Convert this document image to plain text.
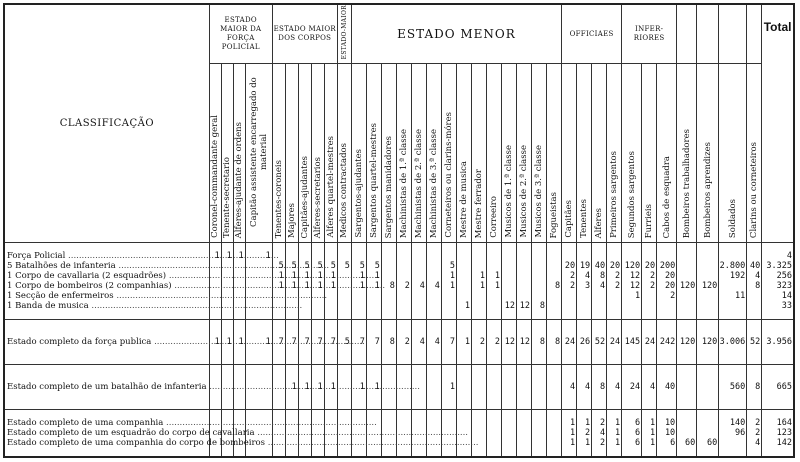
CLASSIFICAÇÃO	ESTADO MAIOR DA FORÇA POLICIAL				ESTADO MAIOR DOS CORPOS					ESTADO-MAIOR	ESTADO MENOR														OFFICIAES				INFER-RIORES							Total

	Coronel-commandante geral	Tenente-secretario	Alferes-ajudante de ordens	Capitão assistente encarregado do material	Tenentes-coroneis	Majores	Capitães-ajudantes	Alferes-secretarios	Alferes quartel-mestres	Medicos contractados	Sargentos-ajudantes	Sargentos quartel-mestres	Sargentos manidadores	Machinistas de 1.ª classe	Machinistas de 2.ª classe	Machinistas de 3.ª classe	Corneteiros ou clarins-móres	Mestre de musica	Mestre ferrador	Correeiro	Musicos de 1.ª classe	Musicos de 2.ª classe	Musicos de 3.ª classe	Fogueistas	Capitães	Tenentes	Alferes	Primeiros sargentos	Segundos sargentos	Furrieis	Cabos de esquadra	Bombeiros trabalhadores	Bombeiros aprendizes	Soldados	Clarins ou corneteiros	

Força Policial .....	1	1	1	1																																4
5 Batalhões de infanteria .....					5	5	5	5	5	5	5	5					5								20	19	40	20	120	20	200			2.800	40	3.325
1 Corpo de cavallaria (2 esquadrões) .....					1	1	1	1	1		1	1					1		1	1					2	4	8	2	12	2	20			192	4	256
1 Corpo de bombeiros (2 companhias) .....					1	1	1	1	1		1	1	8	2	4	4	1		1	1				8	2	3	4	2	12	2	20	120	120		8	323
1 Secção de enfermeiros .....																													1		2			11		14
1 Banda de musica .....																		1			12	12	8													33

Estado completo da força publica .....	1	1	1	1	7	7	7	7	7	5	7	7	8	2	4	4	7	1	2	2	12	12	8	8	24	26	52	24	145	24	242	120	120	3.006	52	3.956
Estado completo de um batalhão de infanteria .....						1	1	1	1		1	1					1								4	4	8	4	24	4	40			560	8	665

Estado completo de uma companhia .....																									1	1	2	1	6	1	10			140	2	164
Estado completo de um esquadrão do corpo de cavallaria .....																									1	2	4	1	6	1	10			96	2	123
Estado completo de uma companhia do corpo de bombeiros .....																									1	1	2	1	6	1	6	60	60		4	142
